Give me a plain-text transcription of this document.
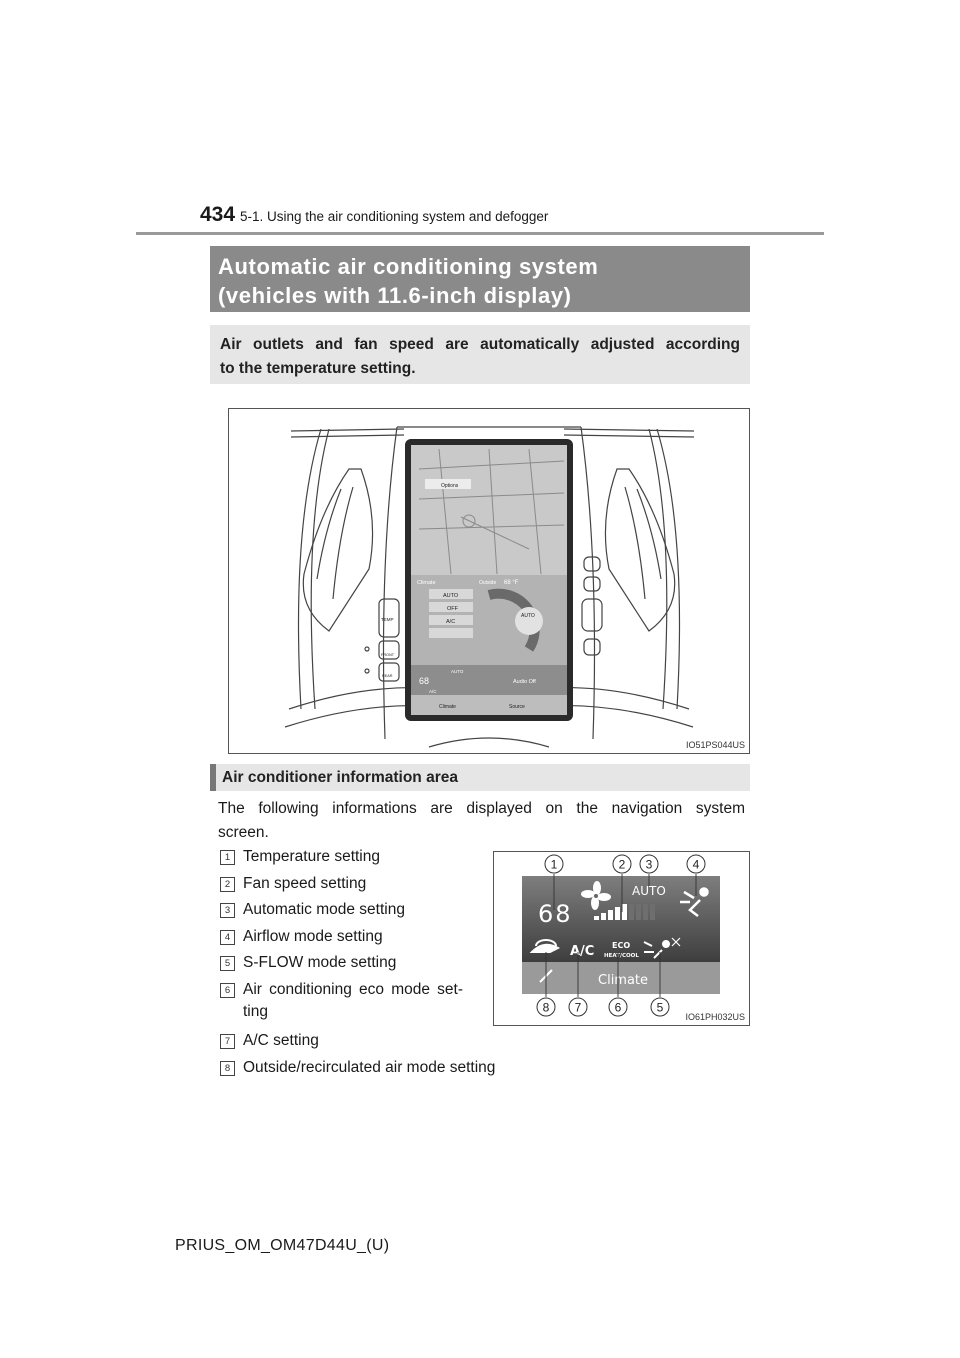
434 5-1. Using the air conditioning system and defogger
Automatic air conditioning system
(vehicles with 11.6-inch display)
Air outlets and fan speed are automatically adjusted according
to the temperature setting.
Options
Climate	Outside 68 °F
AUTO
OFF
A/C
AUTO
68
AUTO
A/C
Audio Off
Climate	Source
TEMP
FRONT
REAR
IO51PS044US
Air conditioner information area
The following informations are displayed on the navigation system
screen.
1 Temperature setting
2 Fan speed setting
3 Automatic mode setting
4 Airflow mode setting
5 S-FLOW mode setting
6 Air conditioning eco mode set-
ting
7 A/C setting
8 Outside/recirculated air mode setting
68
AUTO
A/C ECO
HEAT/COOL
Climate
1	2 3	4
8 7	6	5
IO61PH032US
PRIUS_OM_OM47D44U_(U)
